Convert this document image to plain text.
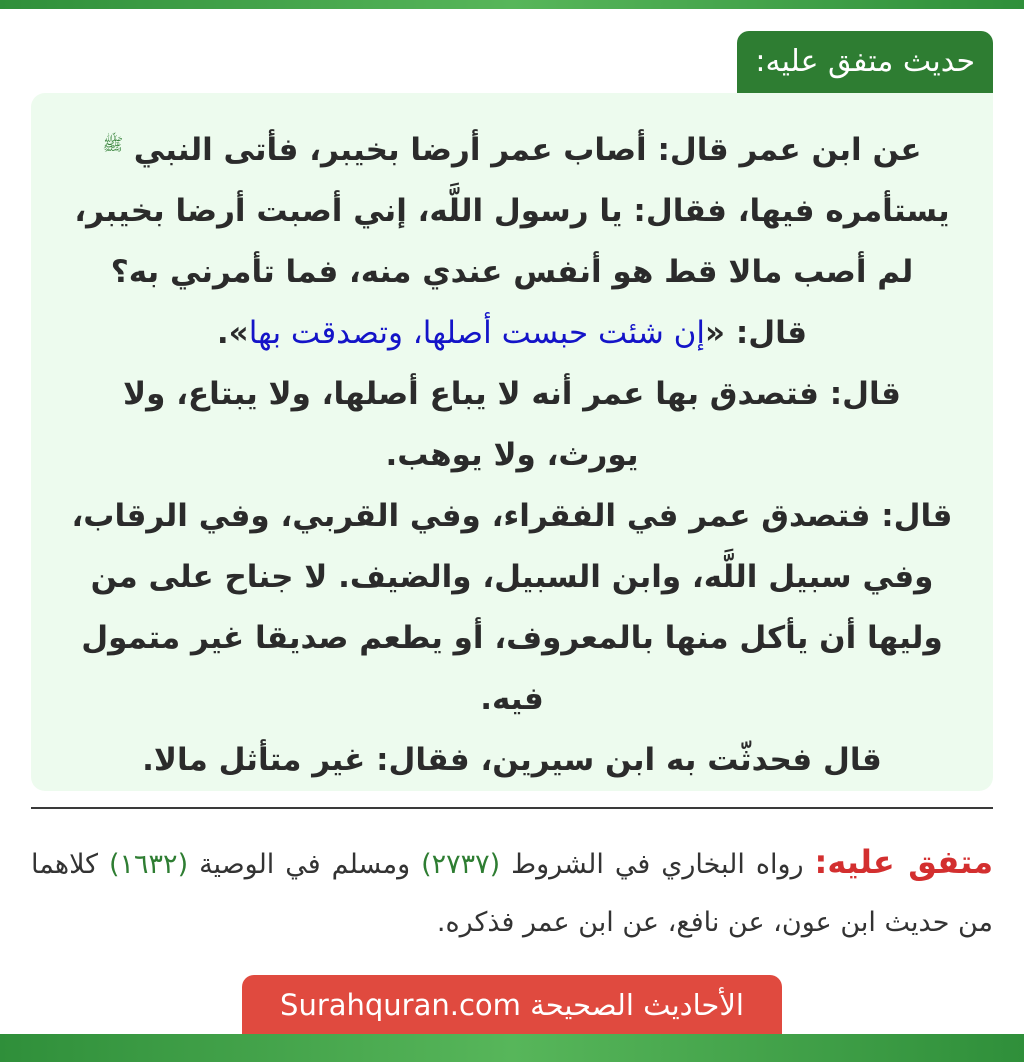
حديث متفق عليه:

عن ابن عمر قال: أصاب عمر أرضا بخيبر، فأتى النبي $^ﷺ$

يستأمره فيها، فقال: يا رسول اللَّه، إني أصبت أرضا بخيبر،

لم أصب مالا قط هو أنفس عندي منه، فما تأمرني به؟

قال: «إن شئت حبست أصلها، وتصدقت بها».

قال: فتصدق بها عمر أنه لا يباع أصلها، ولا يبتاع، ولا

يورث، ولا يوهب.

قال: فتصدق عمر في الفقراء، وفي القربي، وفي الرقاب،

وفي سبيل اللَّه، وابن السبيل، والضيف. لا جناح على من

وليها أن يأكل منها بالمعروف، أو يطعم صديقا غير متمول

فيه.

قال فحدثّت به ابن سيرين، فقال: غير متأثل مالا.

متفق عليه: رواه البخاري في الشروط (٢٧٣٧) ومسلم في الوصية (١٦٣٢) كلاهما من حديث ابن عون، عن نافع، عن ابن عمر فذكره.
الأحاديث الصحيحة Surahquran.com
